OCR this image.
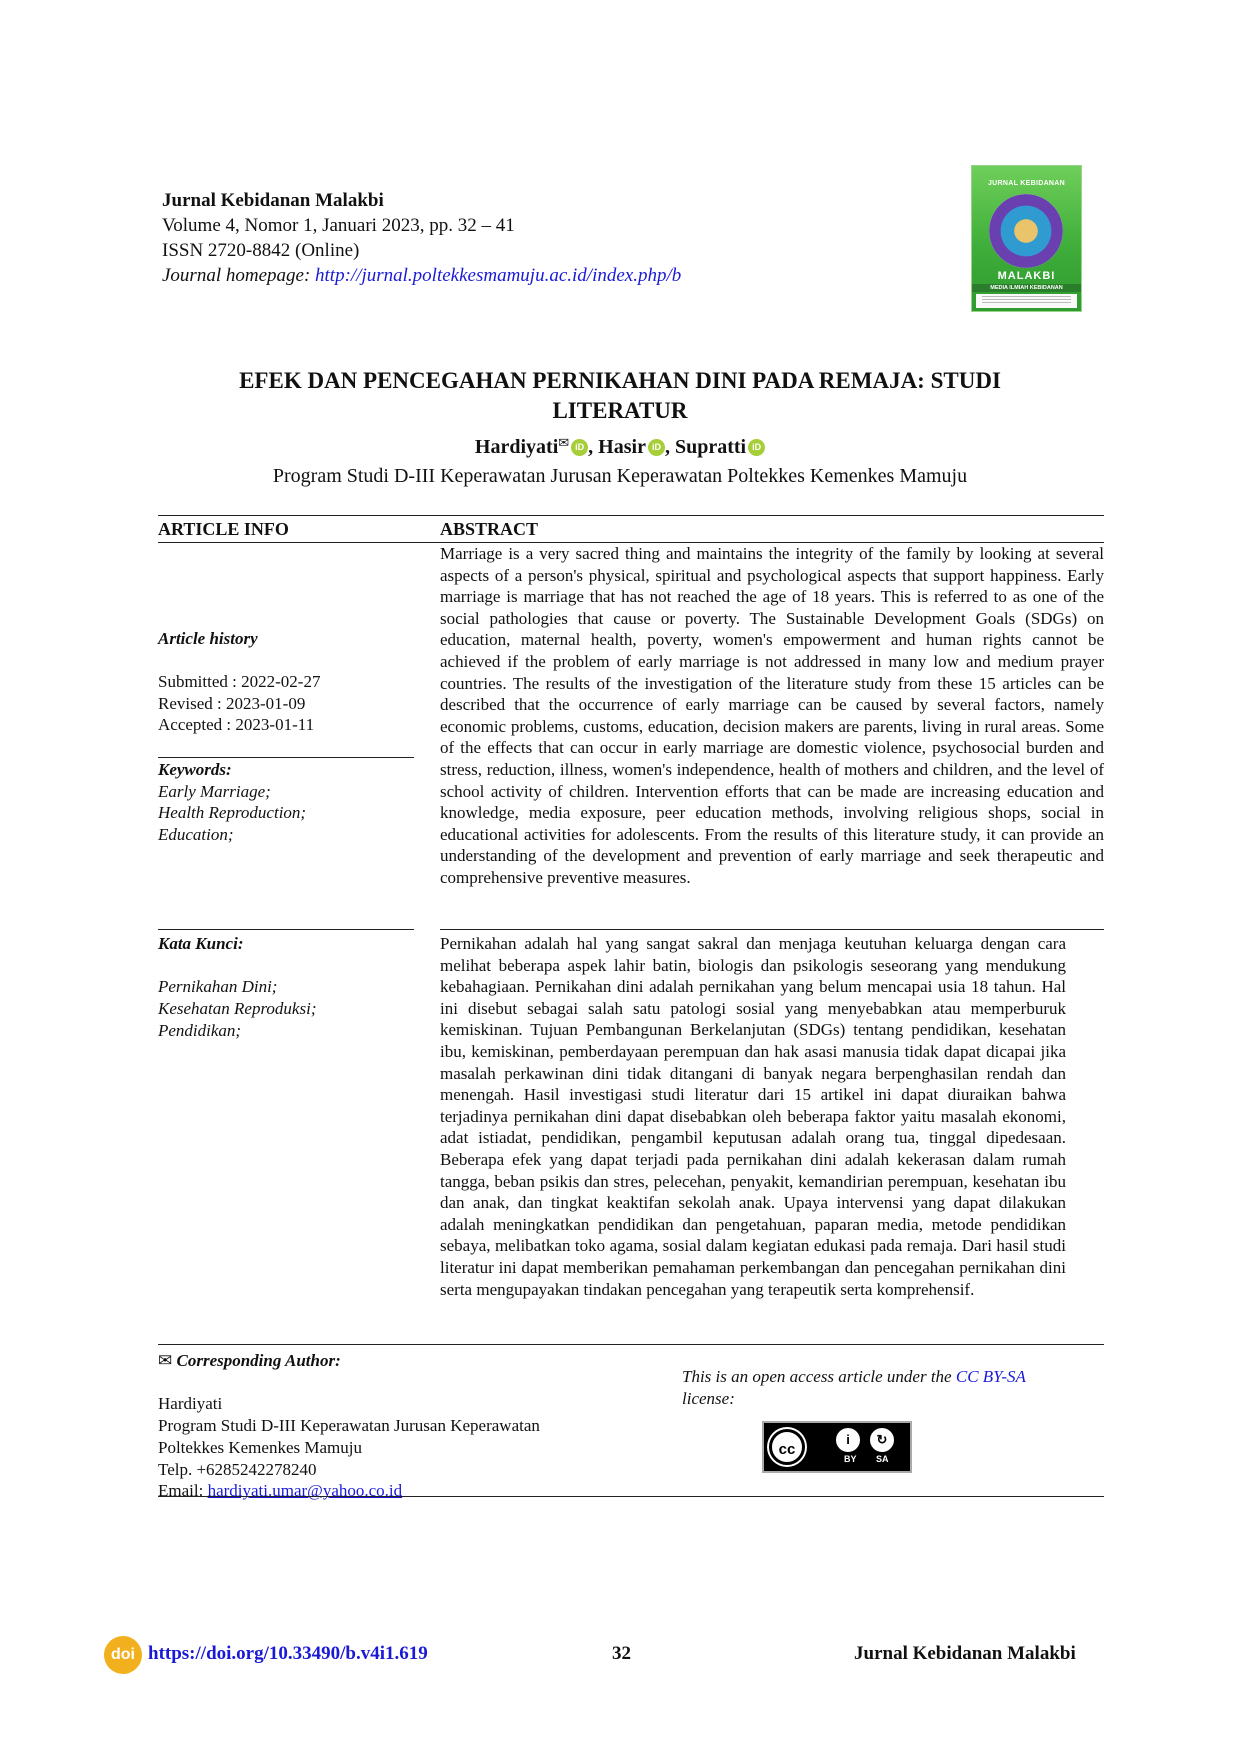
Jurnal Kebidanan Malakbi
Volume 4, Nomor 1, Januari 2023, pp. 32 – 41
ISSN 2720-8842 (Online)
Journal homepage: http://jurnal.poltekkesmamuju.ac.id/index.php/b
JURNAL KEBIDANAN
MALAKBI
MEDIA ILMIAH KEBIDANAN
EFEK DAN PENCEGAHAN PERNIKAHAN DINI PADA REMAJA: STUDI
LITERATUR
Hardiyati✉ iD , Hasir iD , Supratti iD
Program Studi D-III Keperawatan Jurusan Keperawatan Poltekkes Kemenkes Mamuju
ARTICLE INFO	ABSTRACT
Article history
Submitted : 2022-02-27
Revised : 2023-01-09
Accepted : 2023-01-11
Keywords:
Early Marriage;
Health Reproduction;
Education;
Kata Kunci:
Pernikahan Dini;
Kesehatan Reproduksi;
Pendidikan;
Marriage is a very sacred thing and maintains the integrity of the family by looking at several aspects of a person's physical, spiritual and psychological aspects that support happiness. Early marriage is marriage that has not reached the age of 18 years. This is referred to as one of the social pathologies that cause or poverty. The Sustainable Development Goals (SDGs) on education, maternal health, poverty, women's empowerment and human rights cannot be achieved if the problem of early marriage is not addressed in many low and medium prayer countries. The results of the investigation of the literature study from these 15 articles can be described that the occurrence of early marriage can be caused by several factors, namely economic problems, customs, education, decision makers are parents, living in rural areas. Some of the effects that can occur in early marriage are domestic violence, psychosocial burden and stress, reduction, illness, women's independence, health of mothers and children, and the level of school activity of children. Intervention efforts that can be made are increasing education and knowledge, media exposure, peer education methods, involving religious shops, social in educational activities for adolescents. From the results of this literature study, it can provide an understanding of the development and prevention of early marriage and seek therapeutic and comprehensive preventive measures.
Pernikahan adalah hal yang sangat sakral dan menjaga keutuhan keluarga dengan cara melihat beberapa aspek lahir batin, biologis dan psikologis seseorang yang mendukung kebahagiaan. Pernikahan dini adalah pernikahan yang belum mencapai usia 18 tahun. Hal ini disebut sebagai salah satu patologi sosial yang menyebabkan atau memperburuk kemiskinan. Tujuan Pembangunan Berkelanjutan (SDGs) tentang pendidikan, kesehatan ibu, kemiskinan, pemberdayaan perempuan dan hak asasi manusia tidak dapat dicapai jika masalah perkawinan dini tidak ditangani di banyak negara berpenghasilan rendah dan menengah. Hasil investigasi studi literatur dari 15 artikel ini dapat diuraikan bahwa terjadinya pernikahan dini dapat disebabkan oleh beberapa faktor yaitu masalah ekonomi, adat istiadat, pendidikan, pengambil keputusan adalah orang tua, tinggal dipedesaan. Beberapa efek yang dapat terjadi pada pernikahan dini adalah kekerasan dalam rumah tangga, beban psikis dan stres, pelecehan, penyakit, kemandirian perempuan, kesehatan ibu dan anak, dan tingkat keaktifan sekolah anak. Upaya intervensi yang dapat dilakukan adalah meningkatkan pendidikan dan pengetahuan, paparan media, metode pendidikan sebaya, melibatkan toko agama, sosial dalam kegiatan edukasi pada remaja. Dari hasil studi literatur ini dapat memberikan pemahaman perkembangan dan pencegahan pernikahan dini serta mengupayakan tindakan pencegahan yang terapeutik serta komprehensif.
✉ Corresponding Author:
Hardiyati
Program Studi D-III Keperawatan Jurusan Keperawatan
Poltekkes Kemenkes Mamuju
Telp. +6285242278240
Email: hardiyati.umar@yahoo.co.id
This is an open access article under the CC BY-SA
license:
cc
i	↻
BY SA
doi https://doi.org/10.33490/b.v4i1.619	32	Jurnal Kebidanan Malakbi
